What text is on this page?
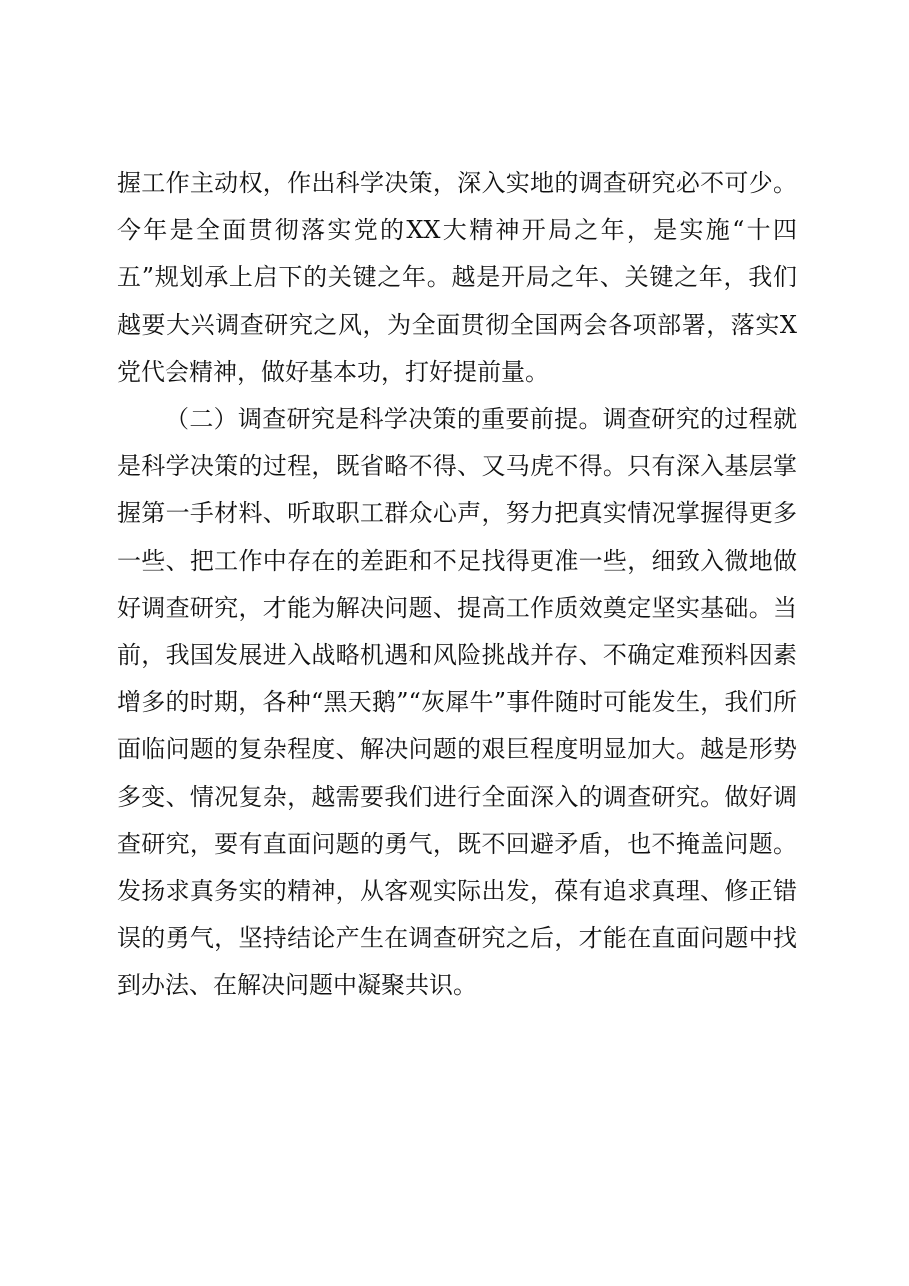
握工作主动权，作出科学决策，深入实地的调查研究必不可少。今年是全面贯彻落实党的XX大精神开局之年，是实施“十四五”规划承上启下的关键之年。越是开局之年、关键之年，我们越要大兴调查研究之风，为全面贯彻全国两会各项部署，落实X党代会精神，做好基本功，打好提前量。

（二）调查研究是科学决策的重要前提。调查研究的过程就是科学决策的过程，既省略不得、又马虎不得。只有深入基层掌握第一手材料、听取职工群众心声，努力把真实情况掌握得更多一些、把工作中存在的差距和不足找得更准一些，细致入微地做好调查研究，才能为解决问题、提高工作质效奠定坚实基础。当前，我国发展进入战略机遇和风险挑战并存、不确定难预料因素增多的时期，各种“黑天鹅”“灰犀牛”事件随时可能发生，我们所面临问题的复杂程度、解决问题的艰巨程度明显加大。越是形势多变、情况复杂，越需要我们进行全面深入的调查研究。做好调查研究，要有直面问题的勇气，既不回避矛盾，也不掩盖问题。发扬求真务实的精神，从客观实际出发，葆有追求真理、修正错误的勇气，坚持结论产生在调查研究之后，才能在直面问题中找到办法、在解决问题中凝聚共识。
